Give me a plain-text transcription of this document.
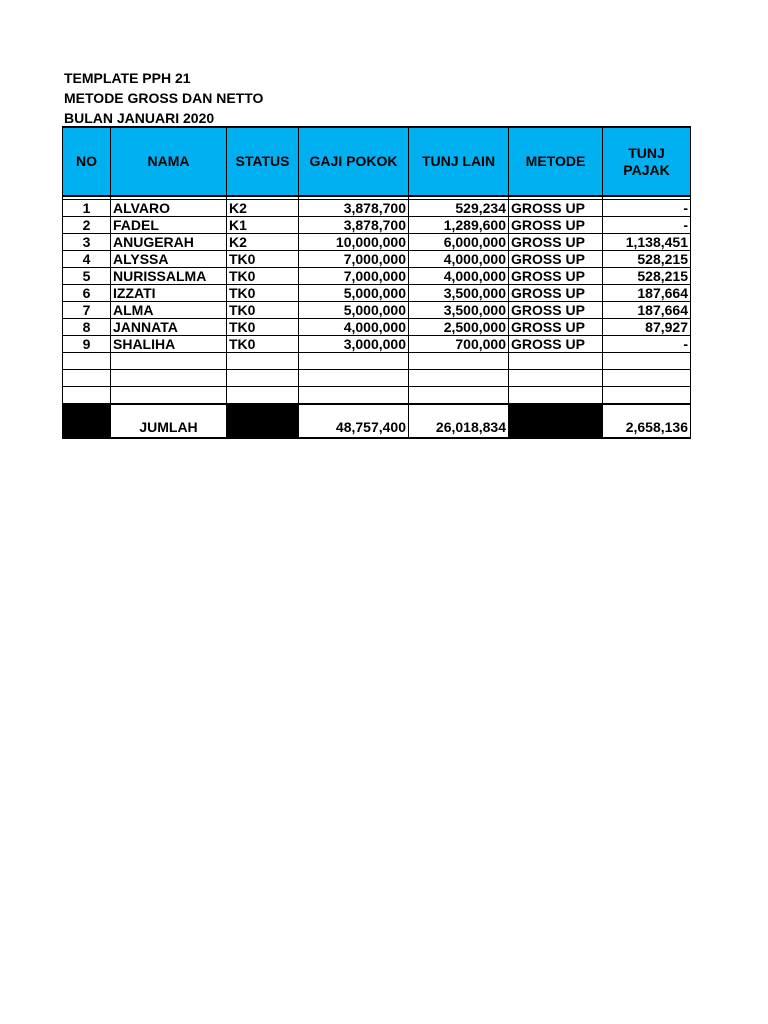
TEMPLATE PPH 21
METODE GROSS DAN NETTO
BULAN JANUARI 2020
NO	NAMA	STATUS	GAJI POKOK	TUNJ LAIN	METODE	TUNJ PAJAK

1	ALVARO	K2	3,878,700	529,234	GROSS UP	-
2	FADEL	K1	3,878,700	1,289,600	GROSS UP	-
3	ANUGERAH	K2	10,000,000	6,000,000	GROSS UP	1,138,451
4	ALYSSA	TK0	7,000,000	4,000,000	GROSS UP	528,215
5	NURISSALMA	TK0	7,000,000	4,000,000	GROSS UP	528,215
6	IZZATI	TK0	5,000,000	3,500,000	GROSS UP	187,664
7	ALMA	TK0	5,000,000	3,500,000	GROSS UP	187,664
8	JANNATA	TK0	4,000,000	2,500,000	GROSS UP	87,927
9	SHALIHA	TK0	3,000,000	700,000	GROSS UP	-

	JUMLAH		48,757,400	26,018,834		2,658,136
